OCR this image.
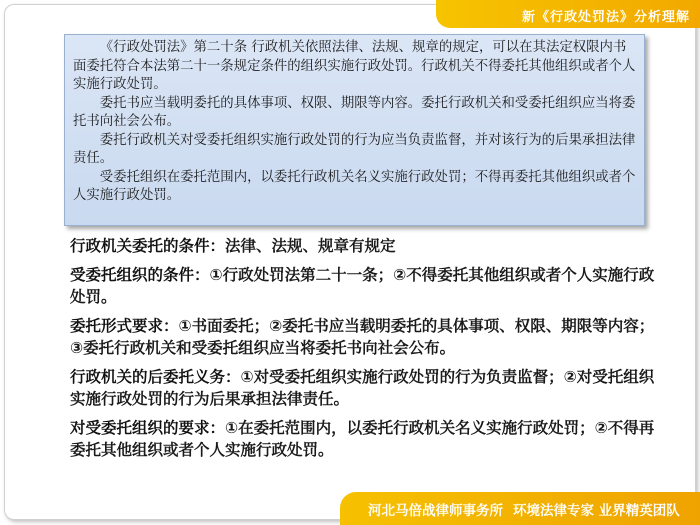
新《行政处罚法》分析理解

《行政处罚法》第二十条 行政机关依照法律、法规、规章的规定，可以在其法定权限内书面委托符合本法第二十一条规定条件的组织实施行政处罚。行政机关不得委托其他组织或者个人实施行政处罚。

委托书应当载明委托的具体事项、权限、期限等内容。委托行政机关和受委托组织应当将委托书向社会公布。

委托行政机关对受委托组织实施行政处罚的行为应当负责监督，并对该行为的后果承担法律责任。

受委托组织在委托范围内，以委托行政机关名义实施行政处罚；不得再委托其他组织或者个人实施行政处罚。

行政机关委托的条件：法律、法规、规章有规定

受委托组织的条件：①行政处罚法第二十一条；②不得委托其他组织或者个人实施行政处罚。

委托形式要求：①书面委托；②委托书应当载明委托的具体事项、权限、期限等内容；③委托行政机关和受委托组织应当将委托书向社会公布。

行政机关的后委托义务：①对受委托组织实施行政处罚的行为负责监督；②对受托组织实施行政处罚的行为后果承担法律责任。

对受委托组织的要求：①在委托范围内，以委托行政机关名义实施行政处罚；②不得再委托其他组织或者个人实施行政处罚。

河北马倍战律师事务所 环境法律专家 业界精英团队
